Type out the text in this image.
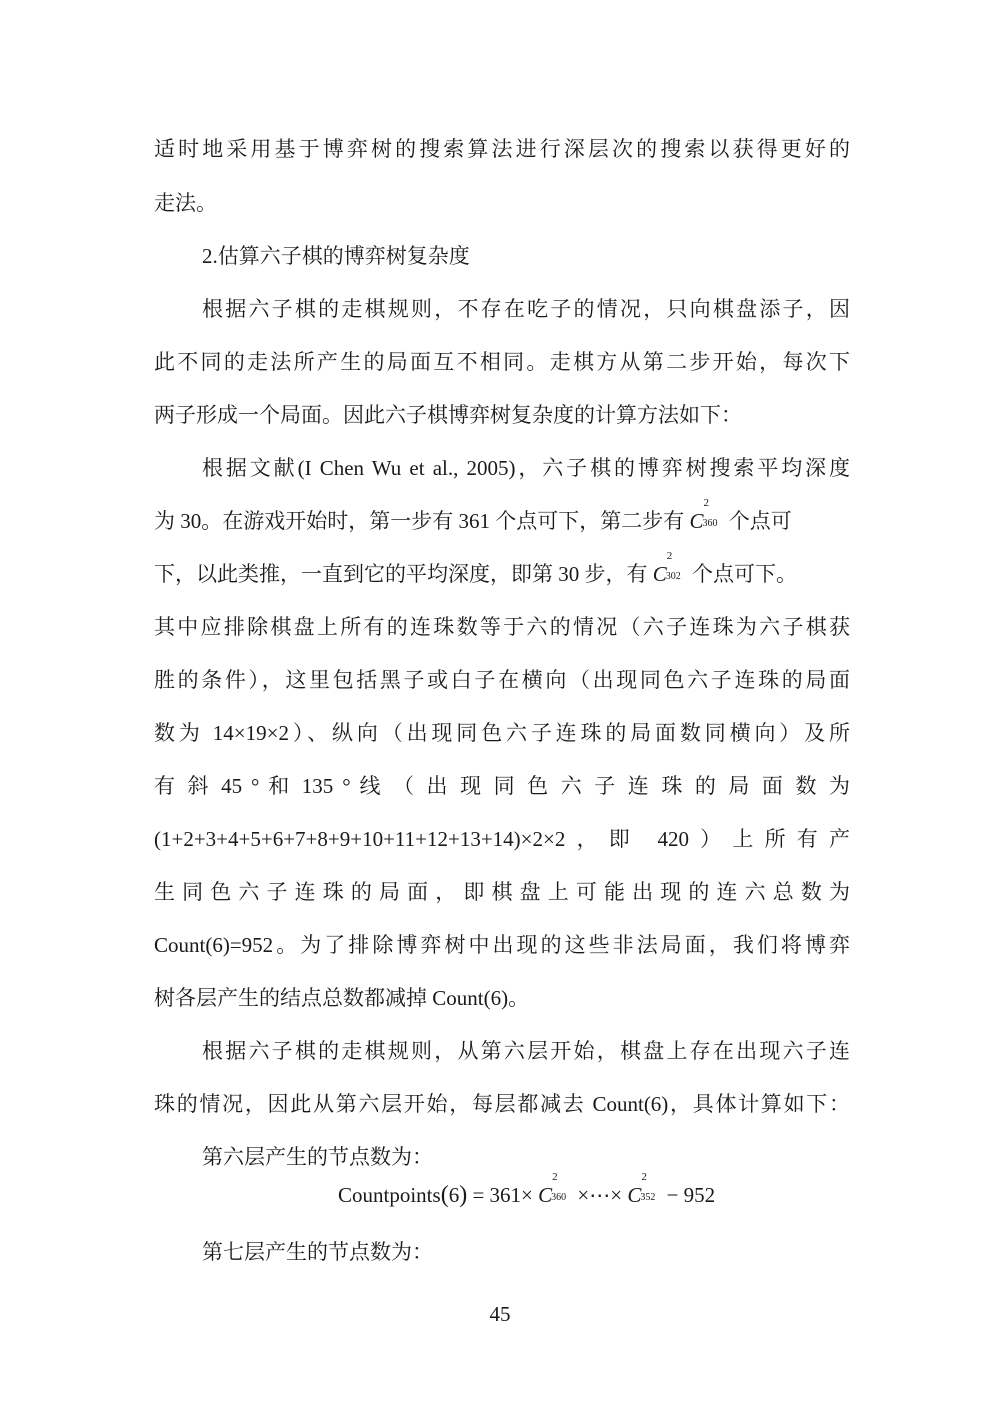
适时地采用基于博弈树的搜索算法进行深层次的搜索以获得更好的
走法。
2.估算六子棋的博弈树复杂度
根据六子棋的走棋规则，不存在吃子的情况，只向棋盘添子，因
此不同的走法所产生的局面互不相同。走棋方从第二步开始，每次下
两子形成一个局面。因此六子棋博弈树复杂度的计算方法如下：
根据文献(I Chen Wu et al., 2005)，六子棋的博弈树搜索平均深度
为 30。在游戏开始时，第一步有 361 个点可下，第二步有 C
2
360 个点可
下，以此类推，一直到它的平均深度，即第 30 步，有 C
2
302 个点可下。
其中应排除棋盘上所有的连珠数等于六的情况（六子连珠为六子棋获
胜的条件），这里包括黑子或白子在横向（出现同色六子连珠的局面
数为 14×19×2）、纵向（出现同色六子连珠的局面数同横向）及所
有 斜 45 ° 和 135 ° 线 （ 出 现 同 色 六 子 连 珠 的 局 面 数 为
(1+2+3+4+5+6+7+8+9+10+11+12+13+14)×2×2，即 420）上所有产
生 同 色 六 子 连 珠 的 局 面 ， 即 棋 盘 上 可 能 出 现 的 连 六 总 数 为
Count(6)=952。为了排除博弈树中出现的这些非法局面，我们将博弈
树各层产生的结点总数都减掉 Count(6)。
根据六子棋的走棋规则，从第六层开始，棋盘上存在出现六子连
珠的情况，因此从第六层开始，每层都减去 Count(6)，具体计算如下：
第六层产生的节点数为：
Countpoints(6) = 361× C
2
360 ×⋯× C
2
352 − 952
第七层产生的节点数为：
45
